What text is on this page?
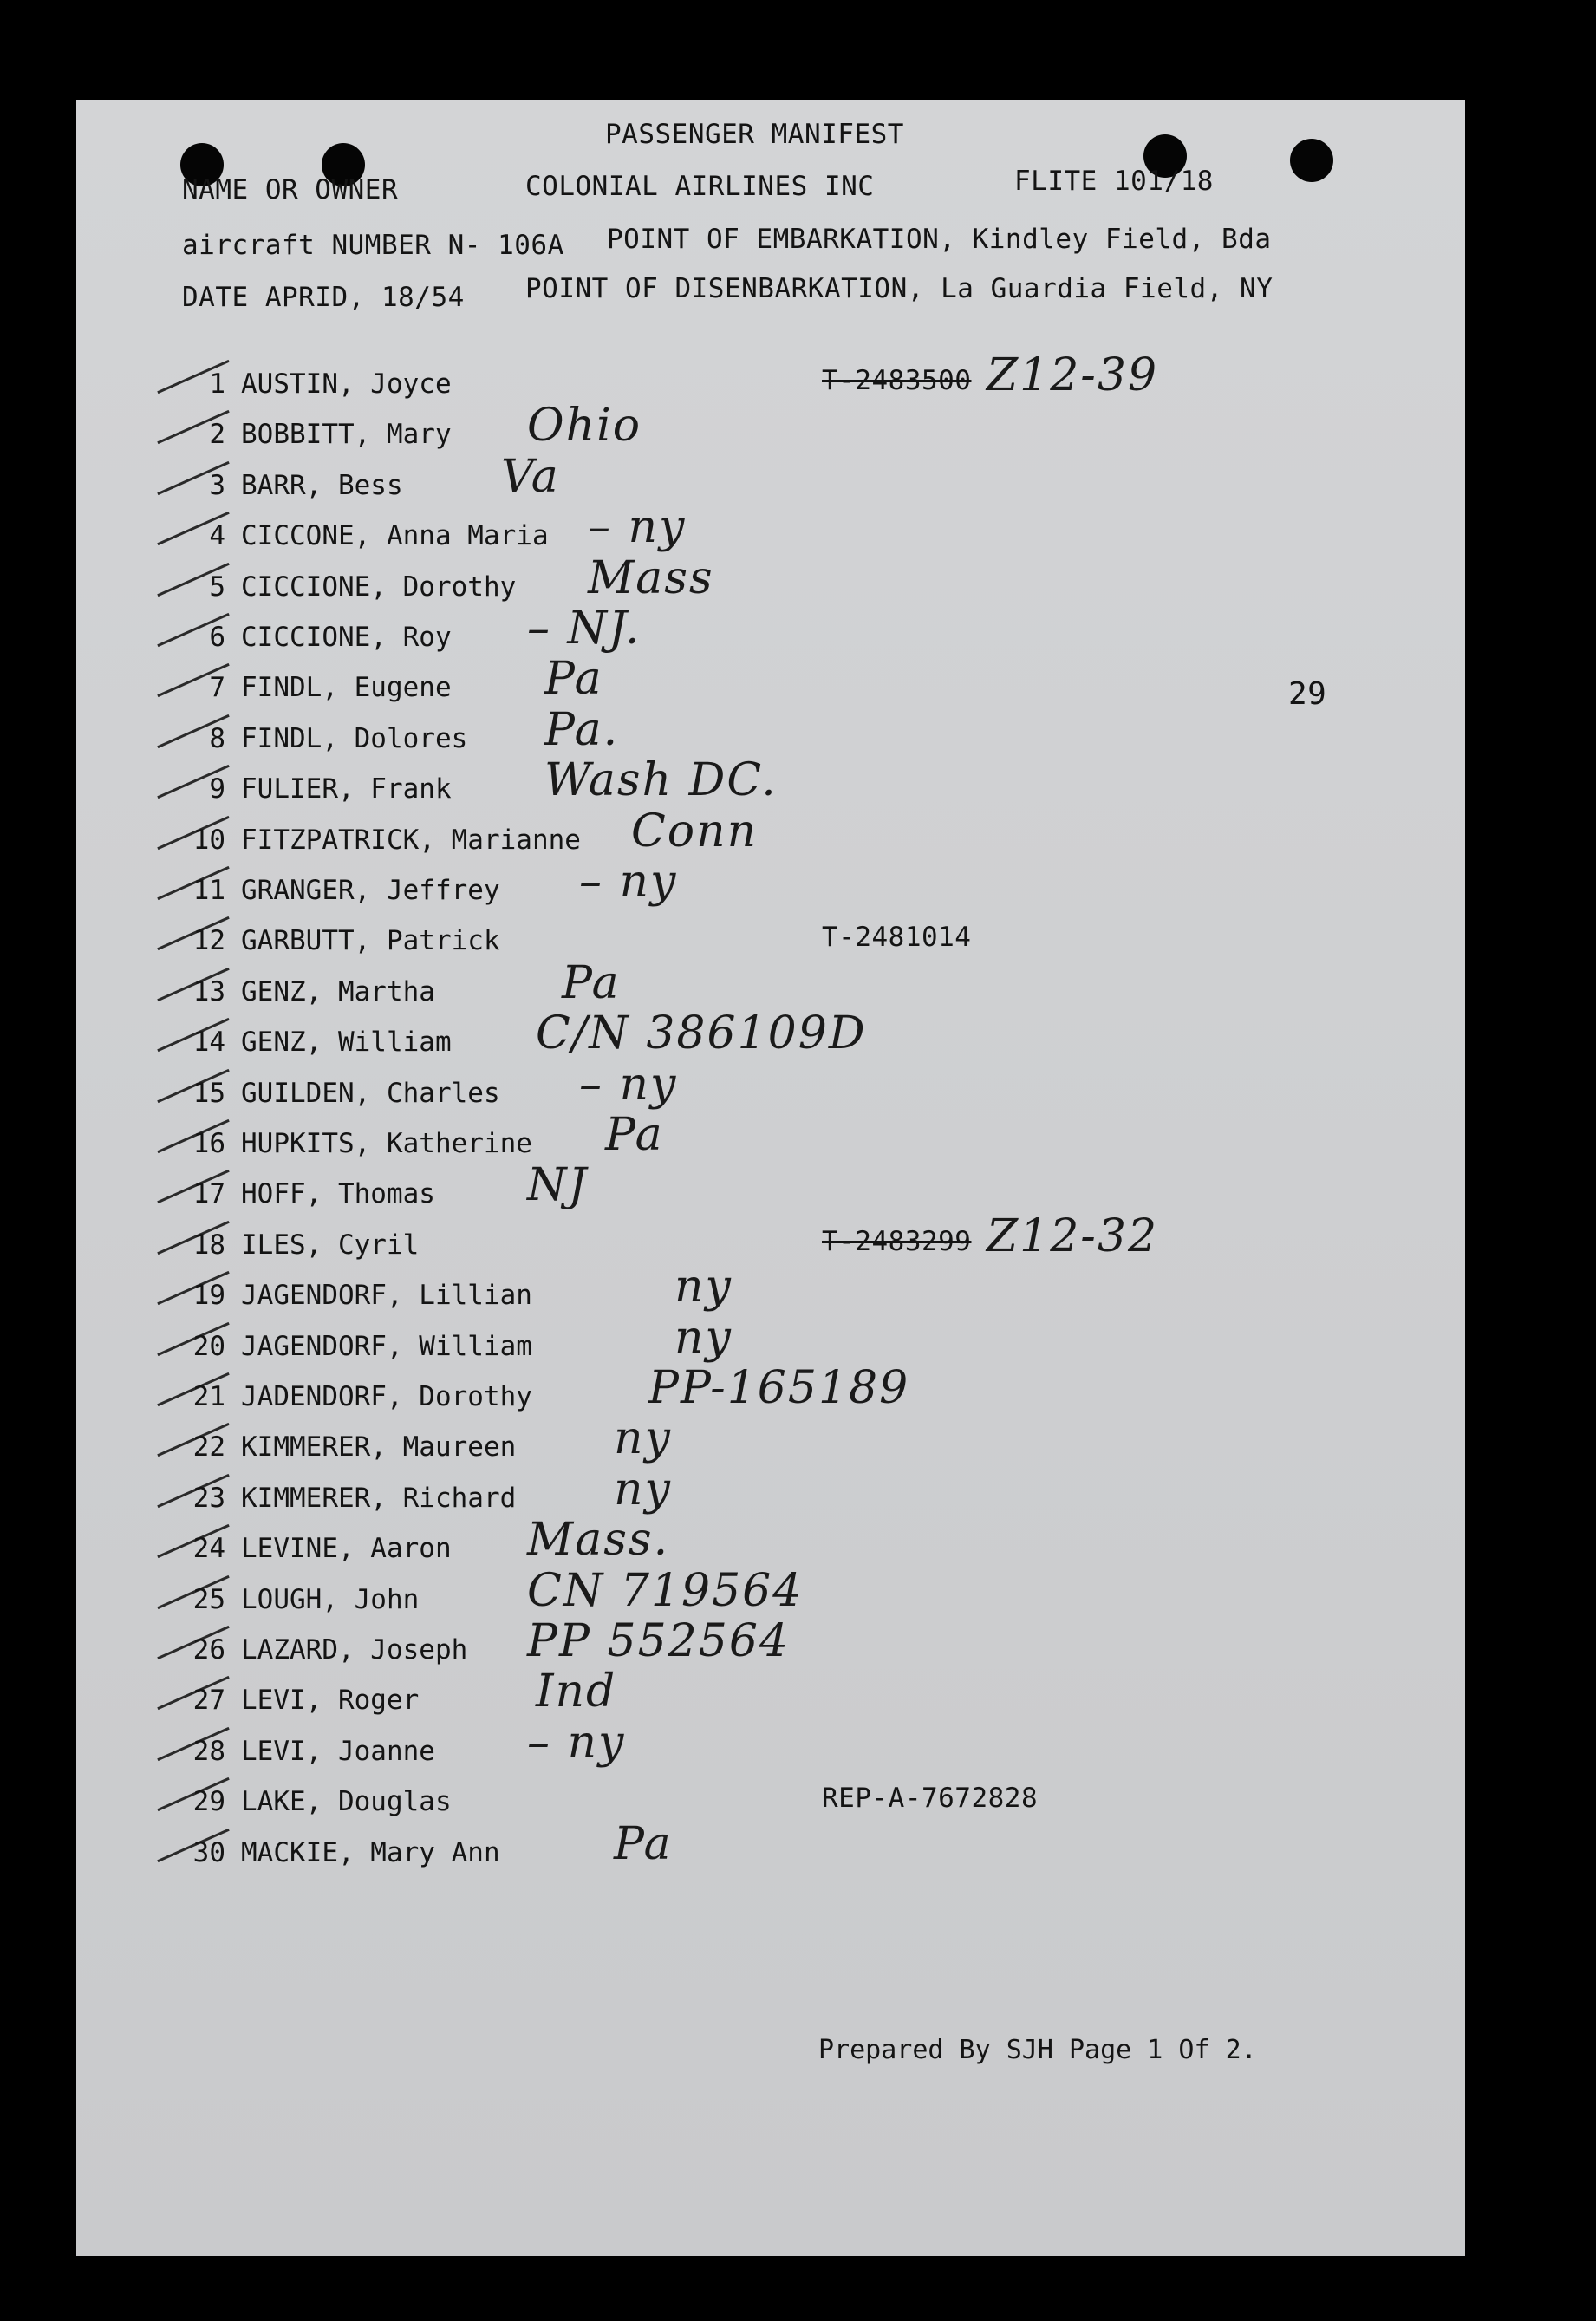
PASSENGER MANIFEST
NAME OR OWNER	COLONIAL AIRLINES INC	FLITE 101/18
aircraft NUMBER N- 106A POINT OF EMBARKATION, Kindley Field, Bda
DATE APRID, 18/54 POINT OF DISENBARKATION, La Guardia Field, NY
29
1 AUSTIN, Joyce	T-2483500 Z12-39
2 BOBBITT, Mary Ohio
3 BARR, Bess Va
4 CICCONE, Anna Maria – ny
5 CICCIONE, Dorothy Mass
6 CICCIONE, Roy – NJ.
7 FINDL, Eugene Pa
8 FINDL, Dolores Pa.
9 FULIER, Frank Wash DC.
10 FITZPATRICK, Marianne Conn
11 GRANGER, Jeffrey – ny
12 GARBUTT, Patrick	T-2481014
13 GENZ, Martha	Pa
14 GENZ, William C/N 386109D
15 GUILDEN, Charles – ny
16 HUPKITS, Katherine Pa
17 HOFF, Thomas NJ
18 ILES, Cyril	T-2483299 Z12-32
19 JAGENDORF, Lillian	ny
20 JAGENDORF, William	ny
21 JADENDORF, Dorothy	PP-165189
22 KIMMERER, Maureen ny
23 KIMMERER, Richard ny
24 LEVINE, Aaron Mass.
25 LOUGH, John CN 719564
26 LAZARD, Joseph PP 552564
27 LEVI, Roger	Ind
28 LEVI, Joanne – ny
29 LAKE, Douglas	REP-A-7672828
30 MACKIE, Mary Ann	Pa
Prepared By SJH Page 1 Of 2.
